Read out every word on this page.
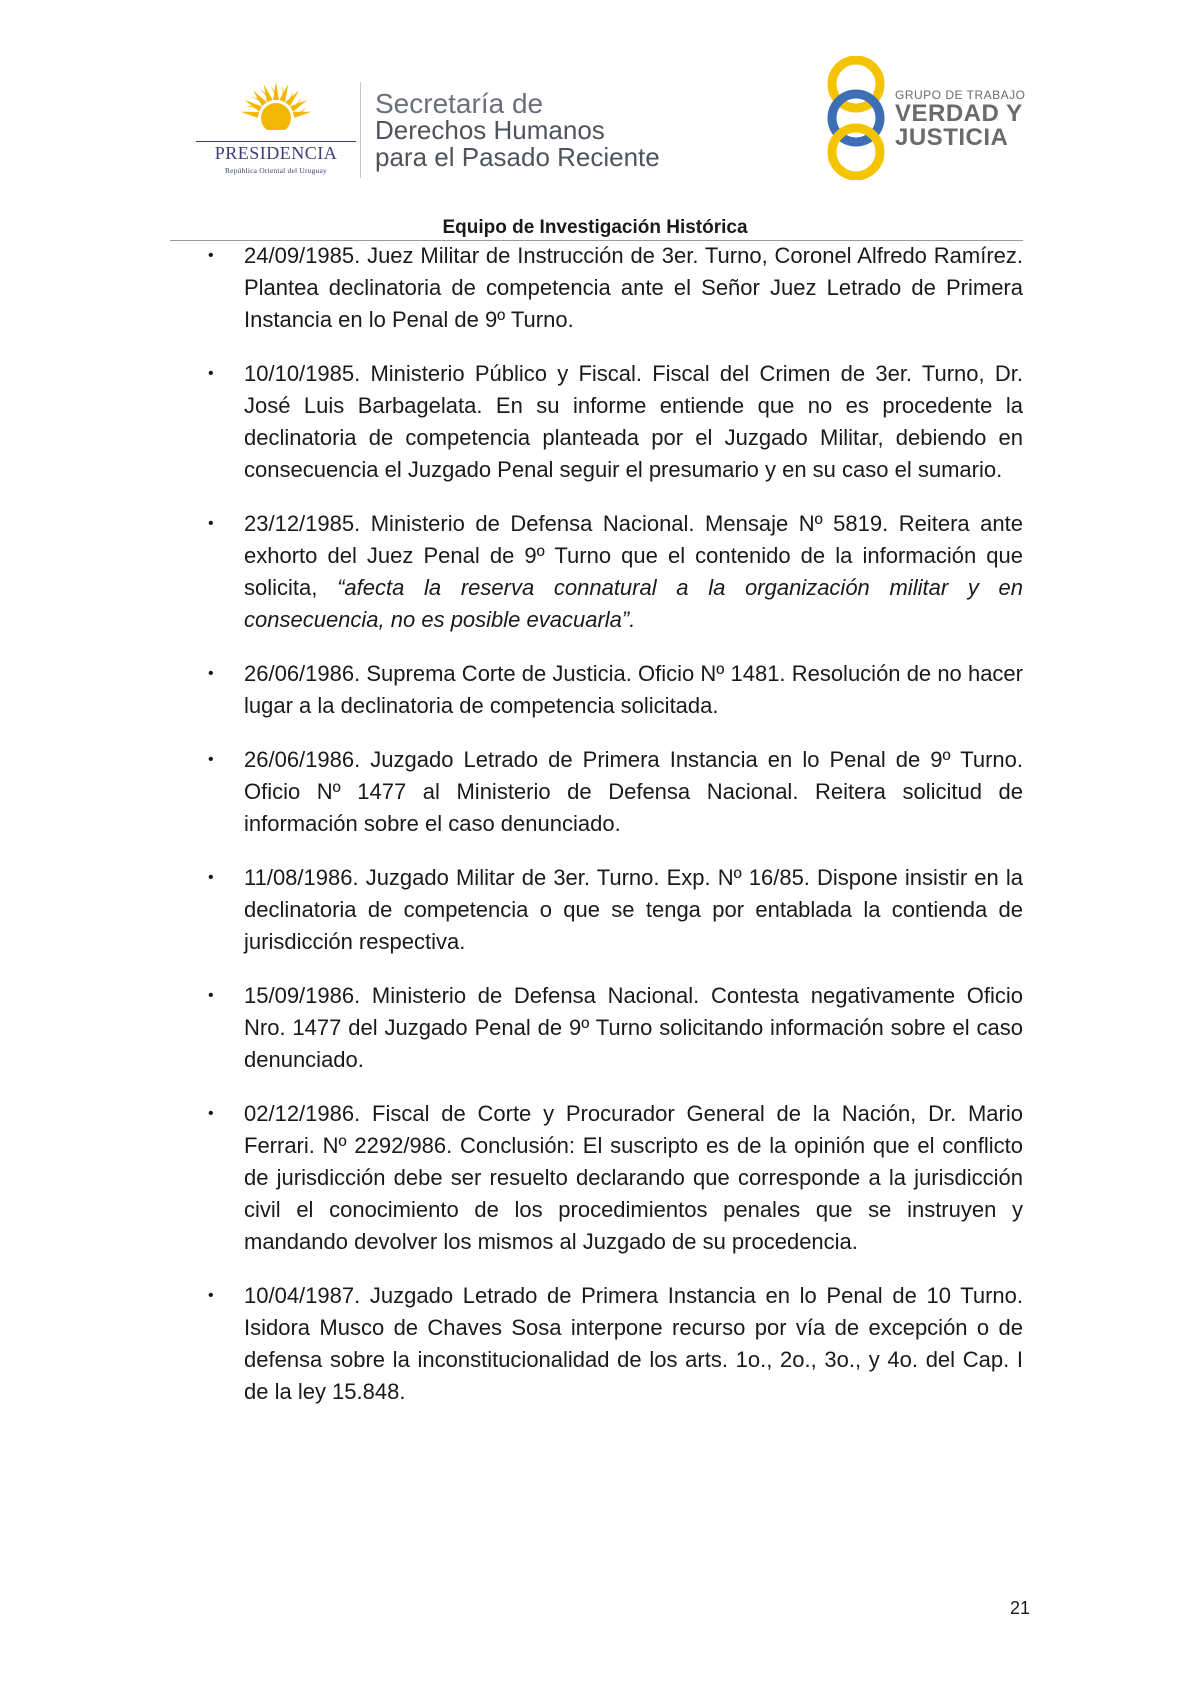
PRESIDENCIA
República Oriental del Uruguay
Secretaría de
Derechos Humanos
para el Pasado Reciente
GRUPO DE TRABAJO
VERDAD Y
JUSTICIA
Equipo de Investigación Histórica
• 24/09/1985. Juez Militar de Instrucción de 3er. Turno, Coronel Alfredo Ramírez. Plantea declinatoria de competencia ante el Señor Juez Letrado de Primera Instancia en lo Penal de 9º Turno.
• 10/10/1985. Ministerio Público y Fiscal. Fiscal del Crimen de 3er. Turno, Dr. José Luis Barbagelata. En su informe entiende que no es procedente la declinatoria de competencia planteada por el Juzgado Militar, debiendo en consecuencia el Juzgado Penal seguir el presumario y en su caso el sumario.
• 23/12/1985. Ministerio de Defensa Nacional. Mensaje Nº 5819. Reitera ante exhorto del Juez Penal de 9º Turno que el contenido de la información que solicita, “afecta la reserva connatural a la organización militar y en consecuencia, no es posible evacuarla”.
• 26/06/1986. Suprema Corte de Justicia. Oficio Nº 1481. Resolución de no hacer lugar a la declinatoria de competencia solicitada.
• 26/06/1986. Juzgado Letrado de Primera Instancia en lo Penal de 9º Turno. Oficio Nº 1477 al Ministerio de Defensa Nacional. Reitera solicitud de información sobre el caso denunciado.
• 11/08/1986. Juzgado Militar de 3er. Turno. Exp. Nº 16/85. Dispone insistir en la declinatoria de competencia o que se tenga por entablada la contienda de jurisdicción respectiva.
• 15/09/1986. Ministerio de Defensa Nacional. Contesta negativamente Oficio Nro. 1477 del Juzgado Penal de 9º Turno solicitando información sobre el caso denunciado.
• 02/12/1986. Fiscal de Corte y Procurador General de la Nación, Dr. Mario Ferrari. Nº 2292/986. Conclusión: El suscripto es de la opinión que el conflicto de jurisdicción debe ser resuelto declarando que corresponde a la jurisdicción civil el conocimiento de los procedimientos penales que se instruyen y mandando devolver los mismos al Juzgado de su procedencia.
• 10/04/1987. Juzgado Letrado de Primera Instancia en lo Penal de 10 Turno. Isidora Musco de Chaves Sosa interpone recurso por vía de excepción o de defensa sobre la inconstitucionalidad de los arts. 1o., 2o., 3o., y 4o. del Cap. I de la ley 15.848.
21
